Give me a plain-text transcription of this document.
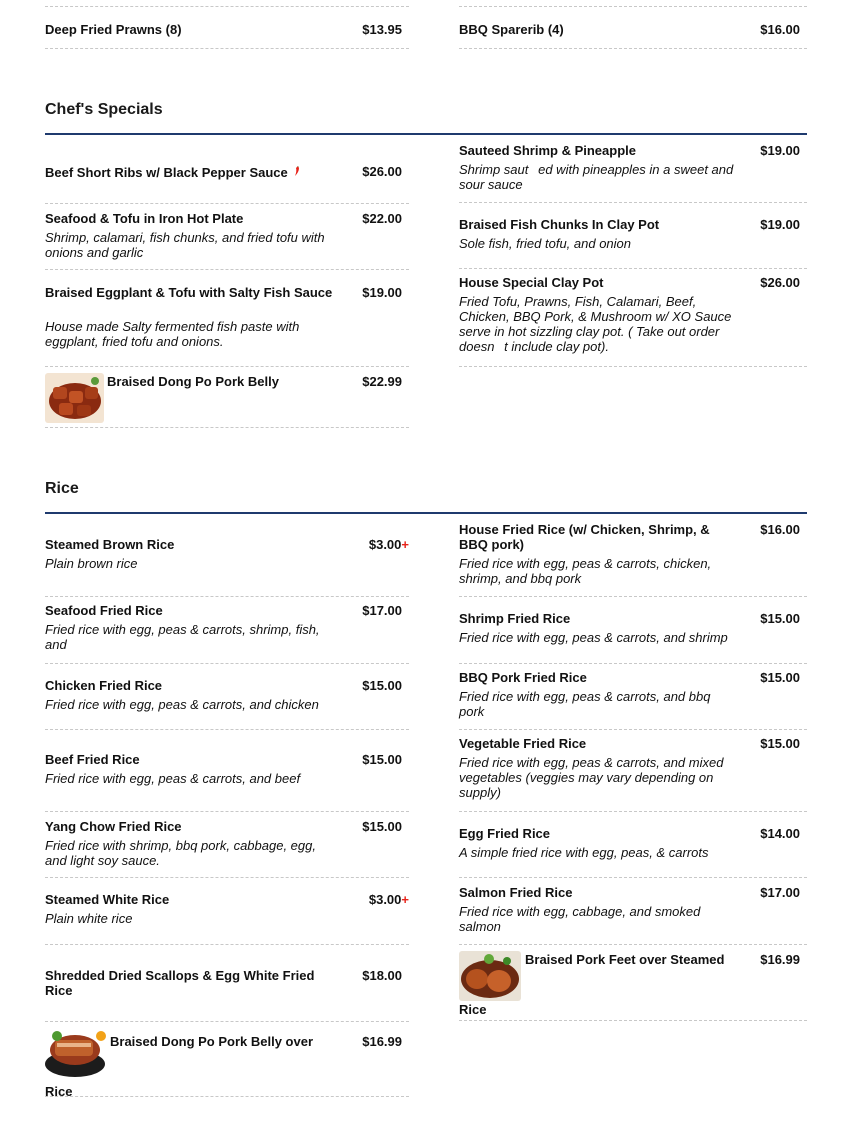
Deep Fried Prawns (8)	$13.95	BBQ Sparerib (4)	$16.00
Chef's Specials
Beef Short Ribs w/ Black Pepper Sauce	$26.00
Seafood & Tofu in Iron Hot Plate
Shrimp, calamari, fish chunks, and fried tofu with onions and garlic
$22.00
Braised Eggplant & Tofu with Salty Fish Sauce
House made Salty fermented fish paste with eggplant, fried tofu and onions.
$19.00
Braised Dong Po Pork Belly	$22.99
Sauteed Shrimp & Pineapple
Shrimp saut ed with pineapples in a sweet and sour sauce
$19.00
Braised Fish Chunks In Clay Pot
Sole fish, fried tofu, and onion
$19.00
House Special Clay Pot
Fried Tofu, Prawns, Fish, Calamari, Beef, Chicken, BBQ Pork, & Mushroom w/ XO Sauce serve in hot sizzling clay pot. ( Take out order doesn t include clay pot).
$26.00
Rice
Steamed Brown Rice
Plain brown rice
$3.00+
Seafood Fried Rice
Fried rice with egg, peas & carrots, shrimp, fish, and
$17.00
Chicken Fried Rice
Fried rice with egg, peas & carrots, and chicken
$15.00
Beef Fried Rice
Fried rice with egg, peas & carrots, and beef
$15.00
Yang Chow Fried Rice
Fried rice with shrimp, bbq pork, cabbage, egg, and light soy sauce.
$15.00
Steamed White Rice
Plain white rice
$3.00+
Shredded Dried Scallops & Egg White Fried Rice
$18.00
Braised Dong Po Pork Belly over
Rice
$16.99
House Fried Rice (w/ Chicken, Shrimp, & BBQ pork)
Fried rice with egg, peas & carrots, chicken, shrimp, and bbq pork
$16.00
Shrimp Fried Rice
Fried rice with egg, peas & carrots, and shrimp
$15.00
BBQ Pork Fried Rice
Fried rice with egg, peas & carrots, and bbq pork
$15.00
Vegetable Fried Rice
Fried rice with egg, peas & carrots, and mixed vegetables (veggies may vary depending on supply)
$15.00
Egg Fried Rice
A simple fried rice with egg, peas, & carrots
$14.00
Salmon Fried Rice
Fried rice with egg, cabbage, and smoked salmon
$17.00
Braised Pork Feet over Steamed
Rice
$16.99
